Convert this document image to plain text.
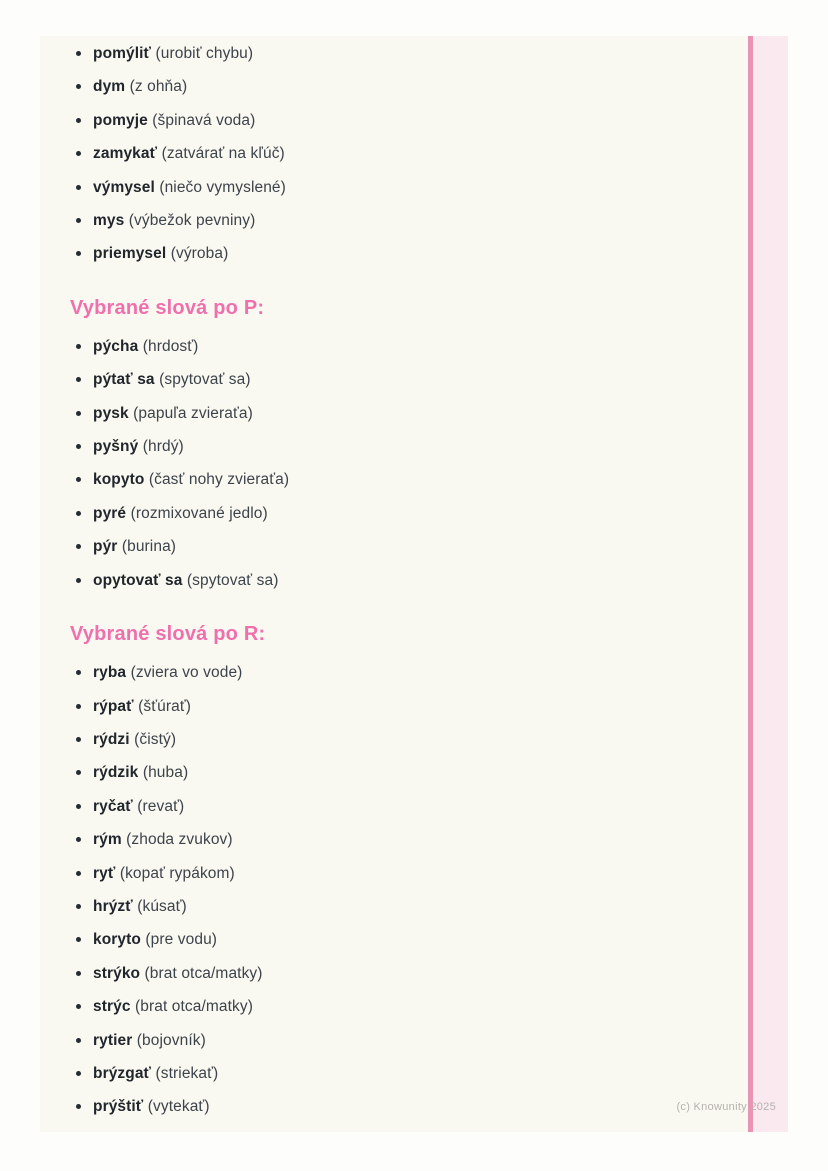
pomýliť (urobiť chybu)
dym (z ohňa)
pomyje (špinavá voda)
zamykať (zatvárať na kľúč)
výmysel (niečo vymyslené)
mys (výbežok pevniny)
priemysel (výroba)
Vybrané slová po P:
pýcha (hrdosť)
pýtať sa (spytovať sa)
pysk (papuľa zvieraťa)
pyšný (hrdý)
kopyto (časť nohy zvieraťa)
pyré (rozmixované jedlo)
pýr (burina)
opytovať sa (spytovať sa)
Vybrané slová po R:
ryba (zviera vo vode)
rýpať (šťúrať)
rýdzi (čistý)
rýdzik (huba)
ryčať (revať)
rým (zhoda zvukov)
ryť (kopať rypákom)
hrýzť (kúsať)
koryto (pre vodu)
strýko (brat otca/matky)
strýc (brat otca/matky)
rytier (bojovník)
brýzgať (striekať)
prýštiť (vytekať)	(c) Knowunity 2025
